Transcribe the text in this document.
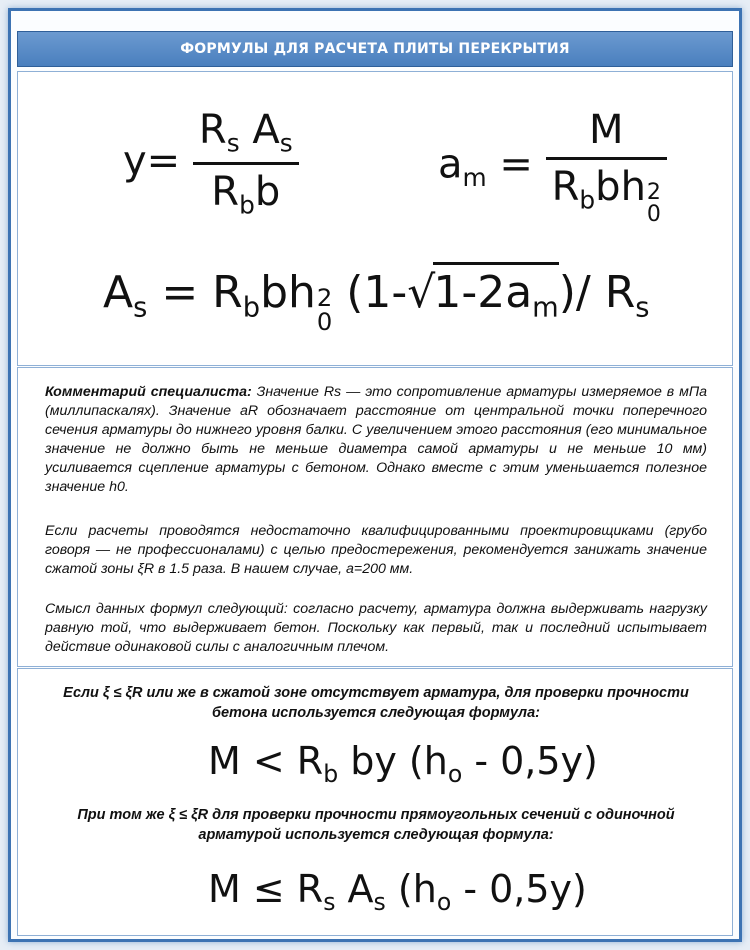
ФОРМУЛЫ ДЛЯ РАСЧЕТА ПЛИТЫ ПЕРЕКРЫТИЯ
$y= \frac{R_s A_s}{R_bb}$	$a_m = M$
$R_bbh$ 2
0
$A_s = R_bbh$ 2
0
$(1-√1-2a_m)/$ $R_s$

Комментарий специалиста: Значение Rs — это сопротивление арматуры измеряемое в мПа (миллипаскалях). Значение aR обозначает расстояние от центральной точки поперечного сечения арматуры до нижнего уровня балки. С увеличением этого расстояния (его минимальное значение не должно быть не меньше диаметра самой арматуры и не меньше 10 мм) усиливается сцепление арматуры с бетоном. Однако вместе с этим уменьшается полезное значение h0.

Если расчеты проводятся недостаточно квалифицированными проектировщиками (грубо говоря — не профессионалами) с целью предостережения, рекомендуется занижать значение сжатой зоны ξR в 1.5 раза. В нашем случае, a=200 мм.

Смысл данных формул следующий: согласно расчету, арматура должна выдерживать нагрузку равную той, что выдерживает бетон. Поскольку как первый, так и последний испытывает действие одинаковой силы с аналогичным плечом.

Если ξ ≤ ξR или же в сжатой зоне отсутствует арматура, для проверки прочности бетона используется следующая формула:

$M < R_b$ by $(h_o - 0,5y)$

При том же ξ ≤ ξR для проверки прочности прямоугольных сечений с одиночной арматурой используется следующая формула:

$M \le R_s$ $A_s$ $(h_o - 0,5y)$
